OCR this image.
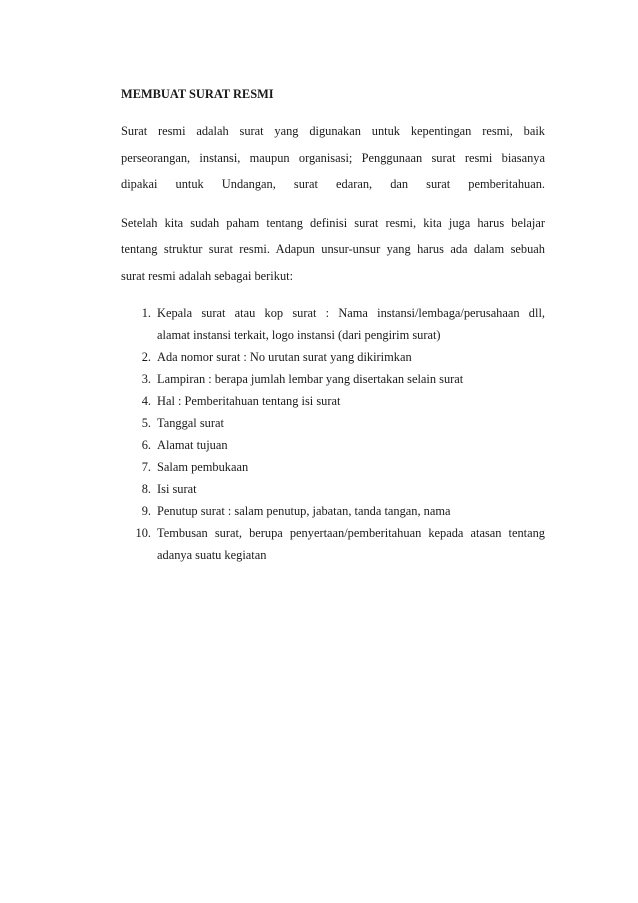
MEMBUAT SURAT RESMI
Surat resmi adalah surat yang digunakan untuk kepentingan resmi, baik
perseorangan, instansi, maupun organisasi; Penggunaan surat resmi biasanya
dipakai untuk Undangan, surat edaran, dan surat pemberitahuan.
Setelah kita sudah paham tentang definisi surat resmi, kita juga harus belajar
tentang struktur surat resmi. Adapun unsur-unsur yang harus ada dalam sebuah
surat resmi adalah sebagai berikut:
1. Kepala surat atau kop surat : Nama instansi/lembaga/perusahaan dll,
alamat instansi terkait, logo instansi (dari pengirim surat)
2. Ada nomor surat : No urutan surat yang dikirimkan
3. Lampiran : berapa jumlah lembar yang disertakan selain surat
4. Hal : Pemberitahuan tentang isi surat
5. Tanggal surat
6. Alamat tujuan
7. Salam pembukaan
8. Isi surat
9. Penutup surat : salam penutup, jabatan, tanda tangan, nama
10. Tembusan surat, berupa penyertaan/pemberitahuan kepada atasan tentang
adanya suatu kegiatan
